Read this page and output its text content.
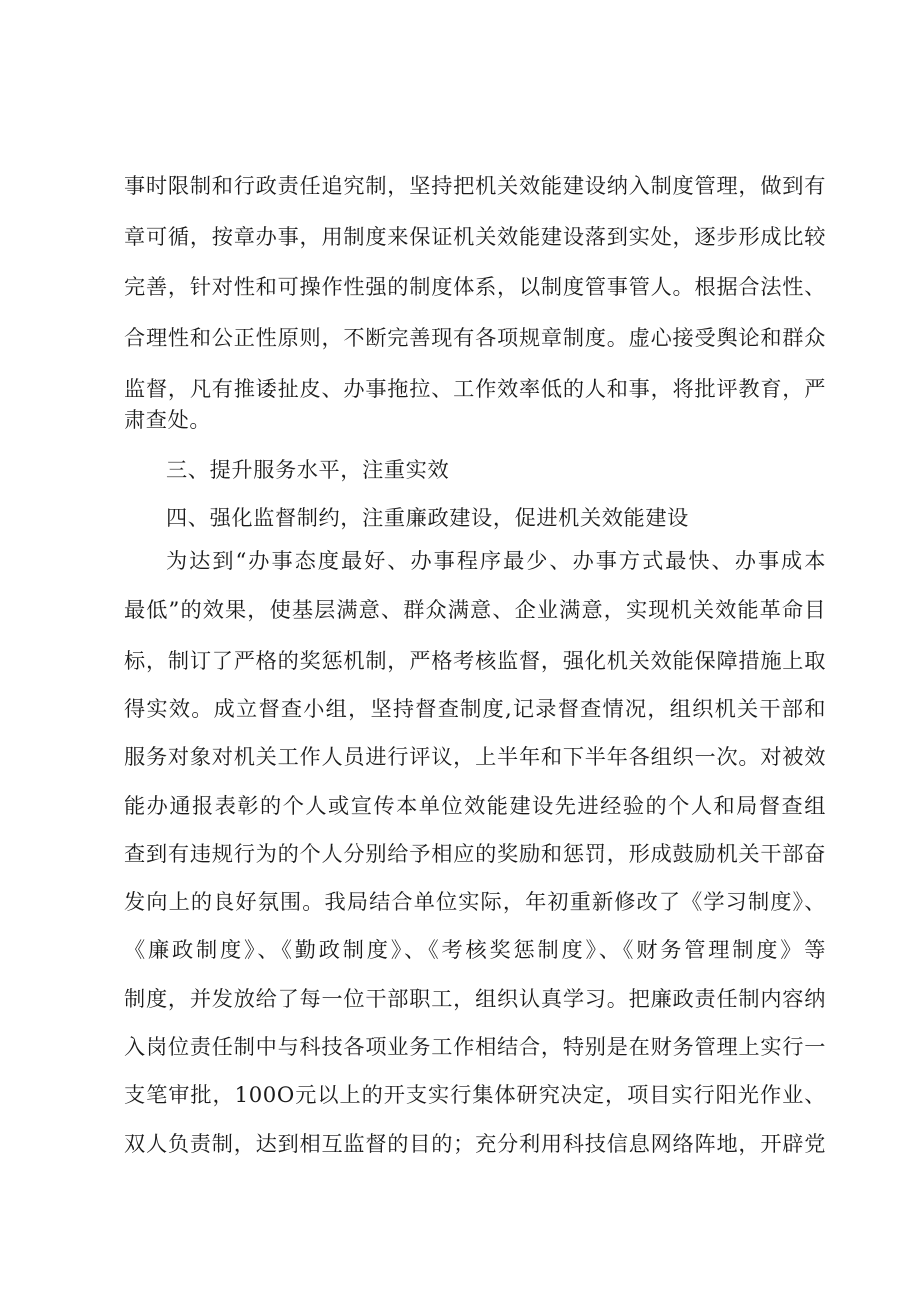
事时限制和行政责任追究制，坚持把机关效能建设纳入制度管理，做到有
章可循，按章办事，用制度来保证机关效能建设落到实处，逐步形成比较
完善，针对性和可操作性强的制度体系，以制度管事管人。根据合法性、
合理性和公正性原则，不断完善现有各项规章制度。虚心接受舆论和群众
监督，凡有推诿扯皮、办事拖拉、工作效率低的人和事，将批评教育，严
肃查处。
三、提升服务水平，注重实效
四、强化监督制约，注重廉政建设，促进机关效能建设
为达到“办事态度最好、办事程序最少、办事方式最快、办事成本
最低”的效果，使基层满意、群众满意、企业满意，实现机关效能革命目
标，制订了严格的奖惩机制，严格考核监督，强化机关效能保障措施上取
得实效。成立督查小组，坚持督查制度,记录督查情况，组织机关干部和
服务对象对机关工作人员进行评议，上半年和下半年各组织一次。对被效
能办通报表彰的个人或宣传本单位效能建设先进经验的个人和局督查组
查到有违规行为的个人分别给予相应的奖励和惩罚，形成鼓励机关干部奋
发向上的良好氛围。我局结合单位实际，年初重新修改了《学习制度》、
《廉政制度》、《勤政制度》、《考核奖惩制度》、《财务管理制度》等
制度，并发放给了每一位干部职工，组织认真学习。把廉政责任制内容纳
入岗位责任制中与科技各项业务工作相结合，特别是在财务管理上实行一
支笔审批，100O元以上的开支实行集体研究决定，项目实行阳光作业、
双人负责制，达到相互监督的目的；充分利用科技信息网络阵地，开辟党
